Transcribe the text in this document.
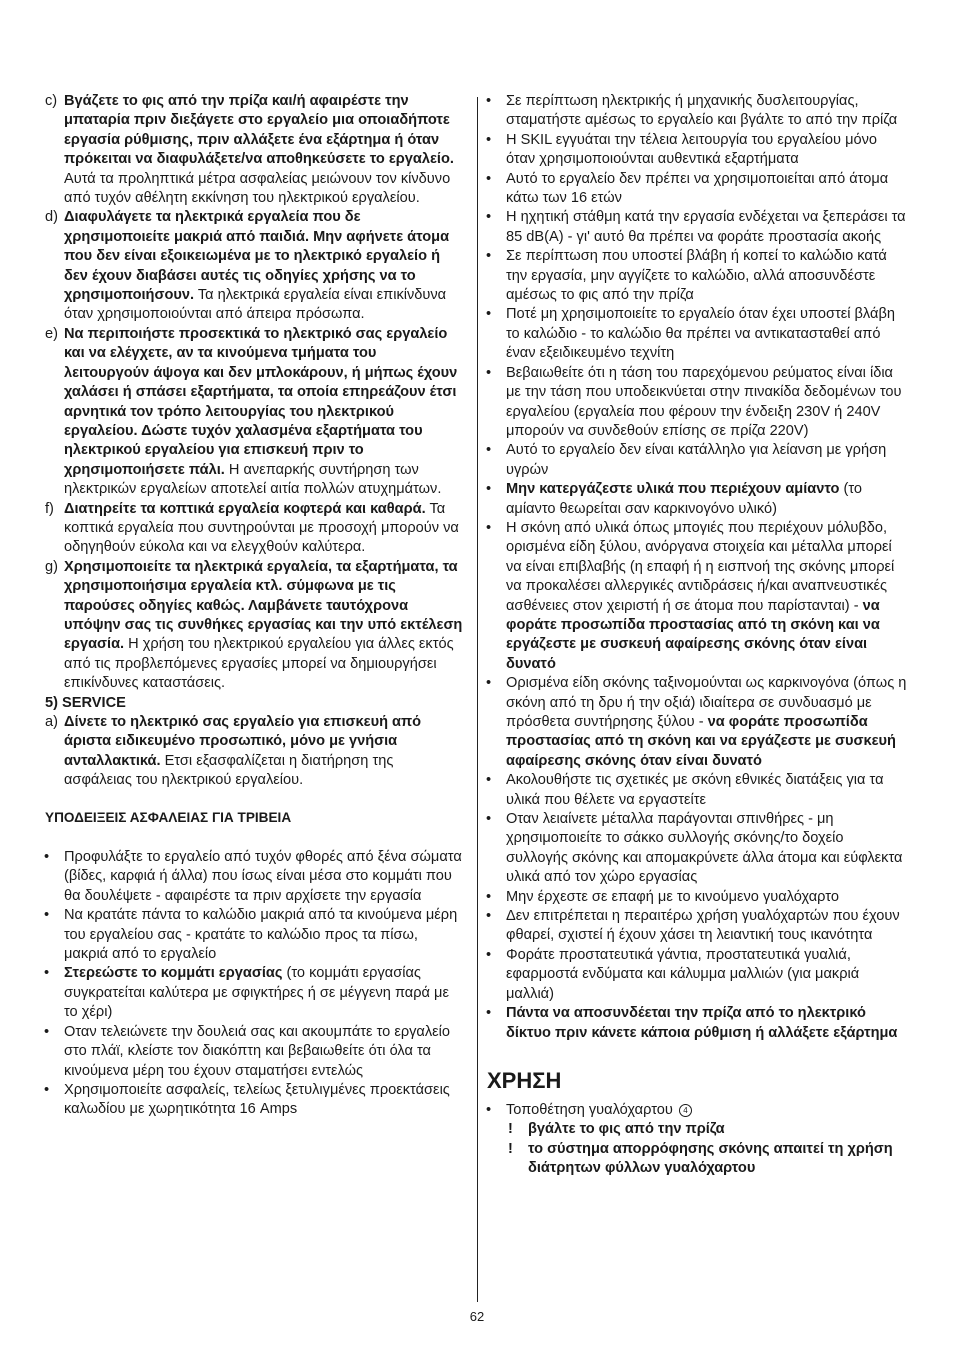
c) Βγάζετε το φις από την πρίζα και/ή αφαιρέστε την μπαταρία πριν διεξάγετε στο εργαλείο μια οποιαδήποτε εργασία ρύθμισης, πριν αλλάξετε ένα εξάρτημα ή όταν πρόκειται να διαφυλάξετε/να αποθηκεύσετε το εργαλείο. Αυτά τα προληπτικά μέτρα ασφαλείας μειώνουν τον κίνδυνο από τυχόν αθέλητη εκκίνηση του ηλεκτρικού εργαλείου.
d) Διαφυλάγετε τα ηλεκτρικά εργαλεία που δε χρησιμοποιείτε μακριά από παιδιά. Μην αφήνετε άτομα που δεν είναι εξοικειωμένα με το ηλεκτρικό εργαλείο ή δεν έχουν διαβάσει αυτές τις οδηγίες χρήσης να το χρησιμοποιήσουν. Τα ηλεκτρικά εργαλεία είναι επικίνδυνα όταν χρησιμοποιούνται από άπειρα πρόσωπα.
e) Να περιποιήστε προσεκτικά το ηλεκτρικό σας εργαλείο και να ελέγχετε, αν τα κινούμενα τμήματα του λειτουργούν άψογα και δεν μπλοκάρουν, ή μήπως έχουν χαλάσει ή σπάσει εξαρτήματα, τα οποία επηρεάζουν έτσι αρνητικά τον τρόπο λειτουργίας του ηλεκτρικού εργαλείου. Δώστε τυχόν χαλασμένα εξαρτήματα του ηλεκτρικού εργαλείου για επισκευή πριν το χρησιμοποιήσετε πάλι. Η ανεπαρκής συντήρηση των ηλεκτρικών εργαλείων αποτελεί αιτία πολλών ατυχημάτων.
f) Διατηρείτε τα κοπτικά εργαλεία κοφτερά και καθαρά. Τα κοπτικά εργαλεία που συντηρούνται με προσοχή μπορούν να οδηγηθούν εύκολα και να ελεγχθούν καλύτερα.
g) Χρησιμοποιείτε τα ηλεκτρικά εργαλεία, τα εξαρτήματα, τα χρησιμοποιήσιμα εργαλεία κτλ. σύμφωνα με τις παρούσες οδηγίες καθώς. Λαμβάνετε ταυτόχρονα υπόψην σας τις συνθήκες εργασίας και την υπό εκτέλεση εργασία. Η χρήση του ηλεκτρικού εργαλείου για άλλες εκτός από τις προβλεπόμενες εργασίες μπορεί να δημιουργήσει επικίνδυνες καταστάσεις.
5) SERVICE
a) Δίνετε το ηλεκτρικό σας εργαλείο για επισκευή από άριστα ειδικευμένο προσωπικό, μόνο με γνήσια ανταλλακτικά. Ετσι εξασφαλίζεται η διατήρηση της ασφάλειας του ηλεκτρικού εργαλείου.
ΥΠΟΔΕΙΞΕΙΣ ΑΣΦΑΛΕΙΑΣ ΓΙΑ ΤΡΙΒΕΙΑ
• Προφυλάξτε το εργαλείο από τυχόν φθορές από ξένα σώματα (βίδες, καρφιά ή άλλα) που ίσως είναι μέσα στο κομμάτι που θα δουλέψετε - αφαιρέστε τα πριν αρχίσετε την εργασία
• Να κρατάτε πάντα το καλώδιο μακριά από τα κινούμενα μέρη του εργαλείου σας - κρατάτε το καλώδιο προς τα πίσω, μακριά από το εργαλείο
• Στερεώστε το κομμάτι εργασίας (το κομμάτι εργασίας συγκρατείται καλύτερα με σφιγκτήρες ή σε μέγγενη παρά με το χέρι)
• Οταν τελειώνετε την δουλειά σας και ακουμπάτε το εργαλείο στο πλάϊ, κλείστε τον διακόπτη και βεβαιωθείτε ότι όλα τα κινούμενα μέρη του έχουν σταματήσει εντελώς
• Χρησιμοποιείτε ασφαλείς, τελείως ξετυλιγμένες προεκτάσεις καλωδίου με χωρητικότητα 16 Amps
• Σε περίπτωση ηλεκτρικής ή μηχανικής δυσλειτουργίας, σταματήστε αμέσως το εργαλείο και βγάλτε το από την πρίζα
• Η SKIL εγγυάται την τέλεια λειτουργία του εργαλείου μόνο όταν χρησιμοποιούνται αυθεντικά εξαρτήματα
• Αυτό το εργαλείο δεν πρέπει να χρησιμοποιείται από άτομα κάτω των 16 ετών
• Η ηχητική στάθμη κατά την εργασία ενδέχεται να ξεπεράσει τα 85 dB(A) - γι' αυτό θα πρέπει να φοράτε προστασία ακοής
• Σε περίπτωση που υποστεί βλάβη ή κοπεί το καλώδιο κατά την εργασία, μην αγγίζετε το καλώδιο, αλλά αποσυνδέστε αμέσως το φις από την πρίζα
• Ποτέ μη χρησιμοποιείτε το εργαλείο όταν έχει υποστεί βλάβη το καλώδιο - το καλώδιο θα πρέπει να αντικατασταθεί από έναν εξειδικευμένο τεχνίτη
• Βεβαιωθείτε ότι η τάση του παρεχόμενου ρεύματος είναι ίδια με την τάση που υποδεικνύεται στην πινακίδα δεδομένων του εργαλείου (εργαλεία που φέρουν την ένδειξη 230V ή 240V μπορούν να συνδεθούν επίσης σε πρίζα 220V)
• Αυτό το εργαλείο δεν είναι κατάλληλο για λείανση με γρήση υγρών
• Μην κατεργάζεστε υλικά που περιέχουν αμίαντο (το αμίαντο θεωρείται σαν καρκινογόνο υλικό)
• Η σκόνη από υλικά όπως μπογιές που περιέχουν μόλυβδο, ορισμένα είδη ξύλου, ανόργανα στοιχεία και μέταλλα μπορεί να είναι επιβλαβής (η επαφή ή η εισπνοή της σκόνης μπορεί να προκαλέσει αλλεργικές αντιδράσεις ή/και αναπνευστικές ασθένειες στον χειριστή ή σε άτομα που παρίστανται) - να φοράτε προσωπίδα προστασίας από τη σκόνη και να εργάζεστε με συσκευή αφαίρεσης σκόνης όταν είναι δυνατό
• Ορισμένα είδη σκόνης ταξινομούνται ως καρκινογόνα (όπως η σκόνη από τη δρυ ή την οξιά) ιδιαίτερα σε συνδυασμό με πρόσθετα συντήρησης ξύλου - να φοράτε προσωπίδα προστασίας από τη σκόνη και να εργάζεστε με συσκευή αφαίρεσης σκόνης όταν είναι δυνατό
• Ακολουθήστε τις σχετικές με σκόνη εθνικές διατάξεις για τα υλικά που θέλετε να εργαστείτε
• Οταν λειαίνετε μέταλλα παράγονται σπινθήρες - μη χρησιμοποιείτε το σάκκο συλλογής σκόνης/το δοχείο συλλογής σκόνης και απομακρύνετε άλλα άτομα και εύφλεκτα υλικά από τον χώρο εργασίας
• Μην έρχεστε σε επαφή με το κινούμενο γυαλόχαρτο
• Δεν επιτρέπεται η περαιτέρω χρήση γυαλόχαρτών που έχουν φθαρεί, σχιστεί ή έχουν χάσει τη λειαντική τους ικανότητα
• Φοράτε προστατευτικά γάντια, προστατευτικά γυαλιά, εφαρμοστά ενδύματα και κάλυμμα μαλλιών (για μακριά μαλλιά)
• Πάντα να αποσυνδέεται την πρίζα από το ηλεκτρικό δίκτυο πριν κάνετε κάποια ρύθμιση ή αλλάξετε εξάρτημα
ΧΡΗΣΗ
• Τοποθέτηση γυαλόχαρτου 4
! βγάλτε το φις από την πρίζα
! το σύστημα απορρόφησης σκόνης απαιτεί τη χρήση διάτρητων φύλλων γυαλόχαρτου
62
